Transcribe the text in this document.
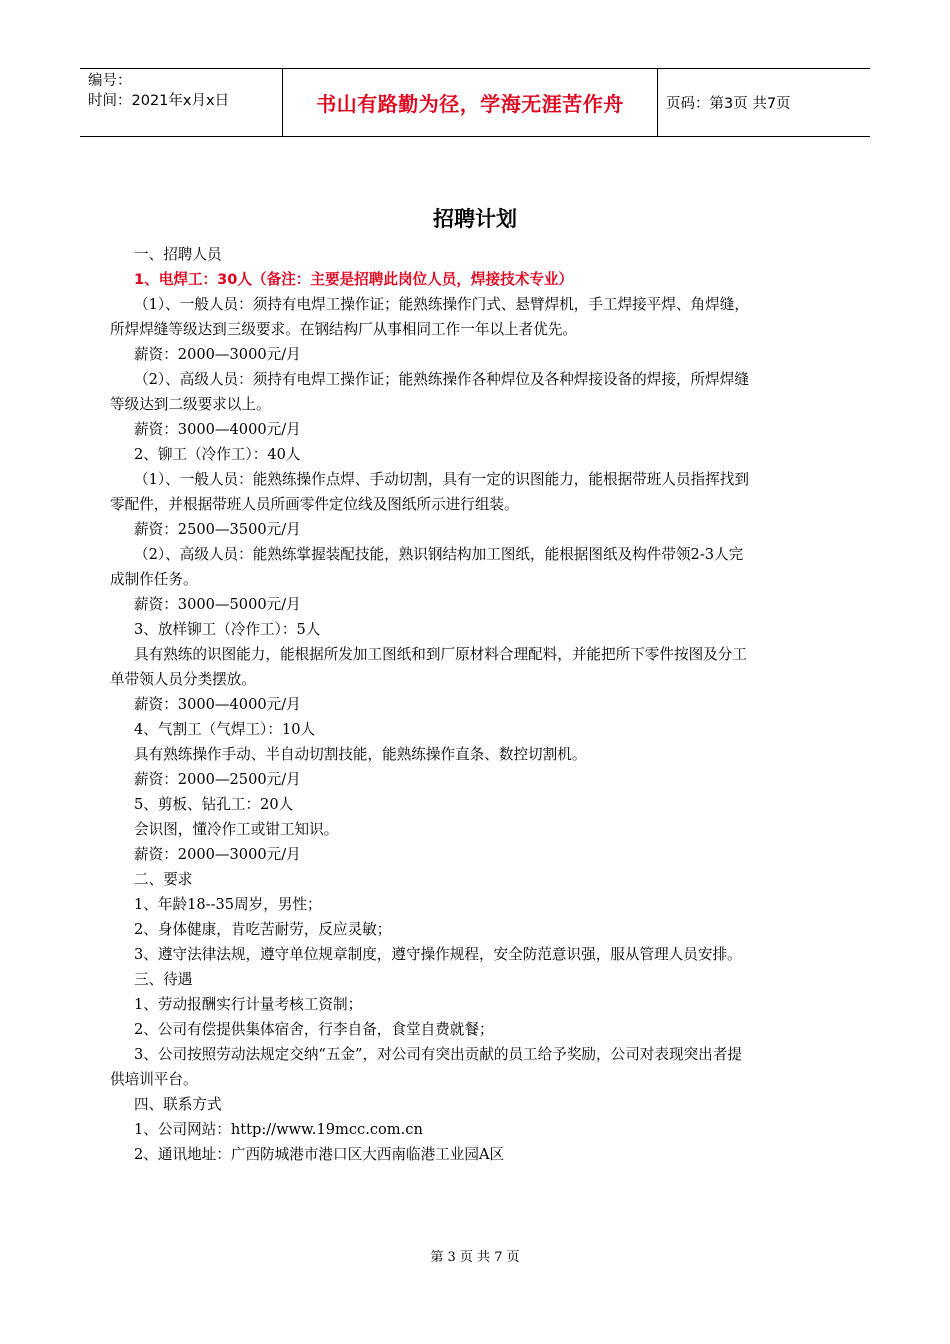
编号：
时间：2021年x月x日	书山有路勤为径，学海无涯苦作舟	页码：第3页 共7页
招聘计划
一、招聘人员
1、电焊工：30人（备注：主要是招聘此岗位人员，焊接技术专业）
（1）、一般人员：须持有电焊工操作证；能熟练操作门式、悬臂焊机，手工焊接平焊、角焊缝，
所焊焊缝等级达到三级要求。在钢结构厂从事相同工作一年以上者优先。
薪资：2000—3000元/月
（2）、高级人员：须持有电焊工操作证；能熟练操作各种焊位及各种焊接设备的焊接，所焊焊缝
等级达到二级要求以上。
薪资：3000—4000元/月
2、铆工（冷作工）：40人
（1）、一般人员：能熟练操作点焊、手动切割，具有一定的识图能力，能根据带班人员指挥找到
零配件，并根据带班人员所画零件定位线及图纸所示进行组装。
薪资：2500—3500元/月
（2）、高级人员：能熟练掌握装配技能，熟识钢结构加工图纸，能根据图纸及构件带领2-3人完
成制作任务。
薪资：3000—5000元/月
3、放样铆工（冷作工）：5人
具有熟练的识图能力，能根据所发加工图纸和到厂原材料合理配料，并能把所下零件按图及分工
单带领人员分类摆放。
薪资：3000—4000元/月
4、气割工（气焊工）：10人
具有熟练操作手动、半自动切割技能，能熟练操作直条、数控切割机。
薪资：2000—2500元/月
5、剪板、钻孔工：20人
会识图，懂冷作工或钳工知识。
薪资：2000—3000元/月
二、要求
1、年龄18--35周岁，男性；
2、身体健康，肯吃苦耐劳，反应灵敏；
3、遵守法律法规，遵守单位规章制度，遵守操作规程，安全防范意识强，服从管理人员安排。
三、待遇
1、劳动报酬实行计量考核工资制；
2、公司有偿提供集体宿舍，行李自备，食堂自费就餐；
3、公司按照劳动法规定交纳“五金”，对公司有突出贡献的员工给予奖励，公司对表现突出者提
供培训平台。
四、联系方式
1、公司网站：http://www.19mcc.com.cn
2、通讯地址：广西防城港市港口区大西南临港工业园A区
第 3 页 共 7 页
